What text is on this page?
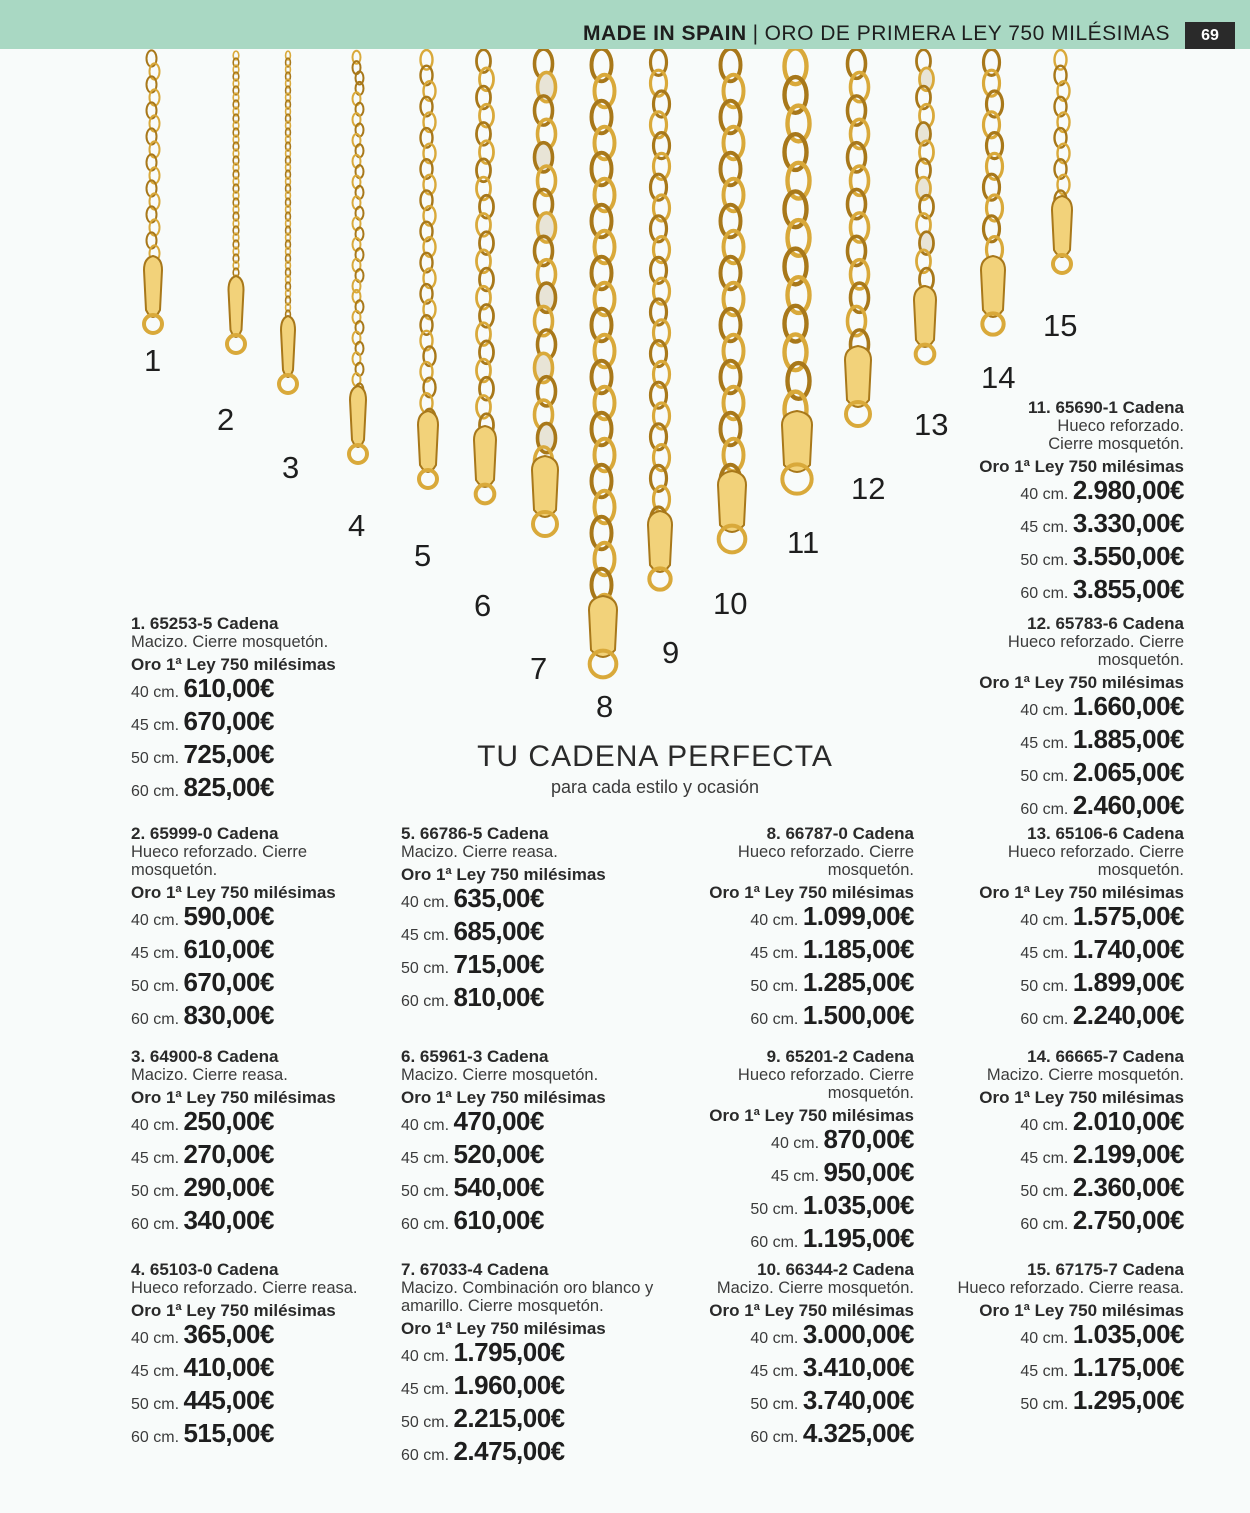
MADE IN SPAIN | ORO DE PRIMERA LEY 750 MILÉSIMAS	69
1
2
3
4
5
6
7
8
9
10
11
12
13
14
15
TU CADENA PERFECTA
para cada estilo y ocasión
1. 65253-5 Cadena
Macizo. Cierre mosquetón.
Oro 1ª Ley 750 milésimas
40 cm. 610,00€
45 cm. 670,00€
50 cm. 725,00€
60 cm. 825,00€
2. 65999-0 Cadena
Hueco reforzado. Cierre mosquetón.
Oro 1ª Ley 750 milésimas
40 cm. 590,00€
45 cm. 610,00€
50 cm. 670,00€
60 cm. 830,00€
3. 64900-8 Cadena
Macizo. Cierre reasa.
Oro 1ª Ley 750 milésimas
40 cm. 250,00€
45 cm. 270,00€
50 cm. 290,00€
60 cm. 340,00€
4. 65103-0 Cadena
Hueco reforzado. Cierre reasa.
Oro 1ª Ley 750 milésimas
40 cm. 365,00€
45 cm. 410,00€
50 cm. 445,00€
60 cm. 515,00€
5. 66786-5 Cadena
Macizo. Cierre reasa.
Oro 1ª Ley 750 milésimas
40 cm. 635,00€
45 cm. 685,00€
50 cm. 715,00€
60 cm. 810,00€
6. 65961-3 Cadena
Macizo. Cierre mosquetón.
Oro 1ª Ley 750 milésimas
40 cm. 470,00€
45 cm. 520,00€
50 cm. 540,00€
60 cm. 610,00€
7. 67033-4 Cadena
Macizo. Combinación oro blanco y
amarillo. Cierre mosquetón.
Oro 1ª Ley 750 milésimas
40 cm. 1.795,00€
45 cm. 1.960,00€
50 cm. 2.215,00€
60 cm. 2.475,00€
8. 66787-0 Cadena
Hueco reforzado. Cierre mosquetón.
Oro 1ª Ley 750 milésimas
40 cm. 1.099,00€
45 cm. 1.185,00€
50 cm. 1.285,00€
60 cm. 1.500,00€
9. 65201-2 Cadena
Hueco reforzado. Cierre mosquetón.
Oro 1ª Ley 750 milésimas
40 cm. 870,00€
45 cm. 950,00€
50 cm. 1.035,00€
60 cm. 1.195,00€
10. 66344-2 Cadena
Macizo. Cierre mosquetón.
Oro 1ª Ley 750 milésimas
40 cm. 3.000,00€
45 cm. 3.410,00€
50 cm. 3.740,00€
60 cm. 4.325,00€
11. 65690-1 Cadena
Hueco reforzado.
Cierre mosquetón.
Oro 1ª Ley 750 milésimas
40 cm. 2.980,00€
45 cm. 3.330,00€
50 cm. 3.550,00€
60 cm. 3.855,00€
12. 65783-6 Cadena
Hueco reforzado. Cierre mosquetón.
Oro 1ª Ley 750 milésimas
40 cm. 1.660,00€
45 cm. 1.885,00€
50 cm. 2.065,00€
60 cm. 2.460,00€
13. 65106-6 Cadena
Hueco reforzado. Cierre mosquetón.
Oro 1ª Ley 750 milésimas
40 cm. 1.575,00€
45 cm. 1.740,00€
50 cm. 1.899,00€
60 cm. 2.240,00€
14. 66665-7 Cadena
Macizo. Cierre mosquetón.
Oro 1ª Ley 750 milésimas
40 cm. 2.010,00€
45 cm. 2.199,00€
50 cm. 2.360,00€
60 cm. 2.750,00€
15. 67175-7 Cadena
Hueco reforzado. Cierre reasa.
Oro 1ª Ley 750 milésimas
40 cm. 1.035,00€
45 cm. 1.175,00€
50 cm. 1.295,00€
